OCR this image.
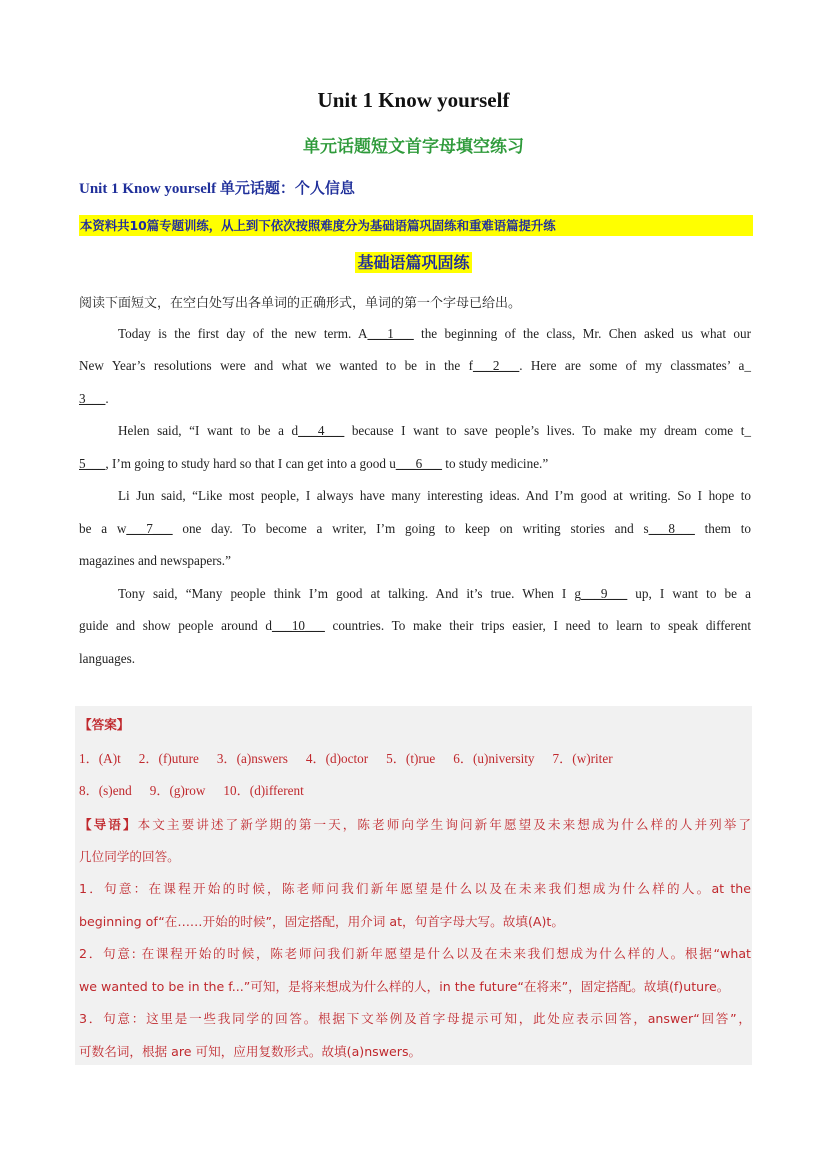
Unit 1 Know yourself
单元话题短文首字母填空练习
Unit 1 Know yourself 单元话题：个人信息
本资料共10篇专题训练，从上到下依次按照难度分为基础语篇巩固练和重难语篇提升练
基础语篇巩固练
阅读下面短文，在空白处写出各单词的正确形式，单词的第一个字母已给出。
Today is the first day of the new term. A___1___ the beginning of the class, Mr. Chen asked us what our
New Year’s resolutions were and what we wanted to be in the f___2___. Here are some of my classmates’ a_
3___.
Helen said, “I want to be a d___4___ because I want to save people’s lives. To make my dream come t_
5___, I’m going to study hard so that I can get into a good u___6___ to study medicine.”
Li Jun said, “Like most people, I always have many interesting ideas. And I’m good at writing. So I hope to
be a w___7___ one day. To become a writer, I’m going to keep on writing stories and s___8___ them to
magazines and newspapers.”
Tony said, “Many people think I’m good at talking. And it’s true. When I g___9___ up, I want to be a
guide and show people around d___10___ countries. To make their trips easier, I need to learn to speak different
languages.
【答案】
1．(A)t 2．(f)uture 3．(a)nswers 4．(d)octor 5．(t)rue 6．(u)niversity 7．(w)riter
8．(s)end 9．(g)row 10．(d)ifferent
【导语】本文主要讲述了新学期的第一天，陈老师向学生询问新年愿望及未来想成为什么样的人并列举了
几位同学的回答。
1．句意：在课程开始的时候，陈老师问我们新年愿望是什么以及在未来我们想成为什么样的人。at the
beginning of“在……开始的时候”，固定搭配，用介词 at，句首字母大写。故填(A)t。
2．句意: 在课程开始的时候，陈老师问我们新年愿望是什么以及在未来我们想成为什么样的人。根据“what
we wanted to be in the f...”可知，是将来想成为什么样的人，in the future“在将来”，固定搭配。故填(f)uture。
3．句意：这里是一些我同学的回答。根据下文举例及首字母提示可知，此处应表示回答，answer“回答”，
可数名词，根据 are 可知，应用复数形式。故填(a)nswers。
